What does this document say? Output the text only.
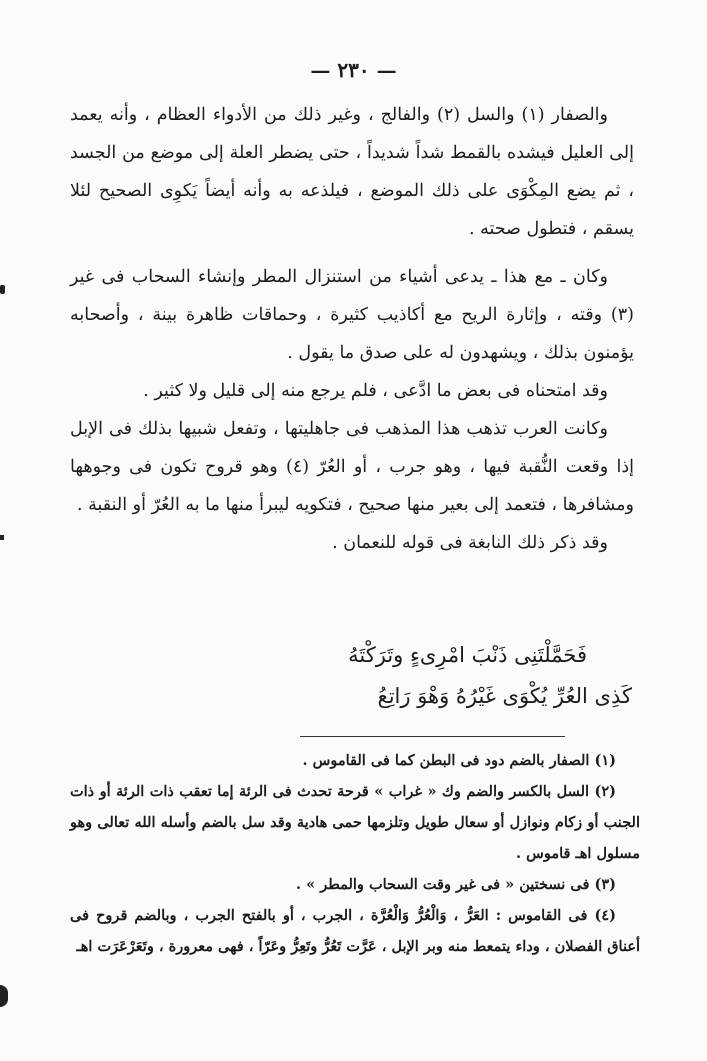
— ٢٣٠ —

والصفار (١) والسل (٢) والفالج ، وغير ذلك من الأدواء العظام ، وأنه يعمد إلى العليل فيشده بالقمط شداً شديداً ، حتى يضطر العلة إلى موضع من الجسد ، ثم يضع المِكْوَى على ذلك الموضع ، فيلذعه به وأنه أيضاً يَكوِى الصحيح لئلا يسقم ، فتطول صحته .

وكان ـ مع هذا ـ يدعى أشياء من استنزال المطر وإنشاء السحاب فى غير (٣) وقته ، وإثارة الريح مع أكاذيب كثيرة ، وحماقات ظاهرة بينة ، وأصحابه يؤمنون بذلك ، ويشهدون له على صدق ما يقول .

وقد امتحناه فى بعض ما ادَّعى ، فلم يرجع منه إلى قليل ولا كثير .

وكانت العرب تذهب هذا المذهب فى جاهليتها ، وتفعل شبيها بذلك فى الإبل إذا وقعت النُّقبة فيها ، وهو جرب ، أو العُرّ (٤) وهو قروح تكون فى وجوهها ومشافرها ، فتعمد إلى بعير منها صحيح ، فتكويه ليبرأ منها ما به العُرّ أو النقبة .

وقد ذكر ذلك النابغة فى قوله للنعمان .

فَحَمَّلْتَنِى ذَنْبَ امْرِىءٍ وتَرَكْتَهُ
كَذِى العُرِّ يُكْوَى غَيْرُهُ وَهْوَ رَاتِعُ

(١) الصفار بالضم دود فى البطن كما فى القاموس .

(٢) السل بالكسر والضم وك « غراب » قرحة تحدث فى الرئة إما تعقب ذات الرئة أو ذات الجنب أو زكام ونوازل أو سعال طويل وتلزمها حمى هادية وقد سل بالضم وأسله الله تعالى وهو مسلول اهـ قاموس .

(٣) فى نسختين « فى غير وقت السحاب والمطر » .

(٤) فى القاموس : العَرُّ ، وَالْعُرُّ وَالْعُرَّة ، الجرب ، أو بالفتح الجرب ، وبالضم قروح فى أعناق الفصلان ، وداء يتمعط منه وبر الإبل ، عَرَّت تَعُرُّ وتَعِرُّ وعَرّاً ، فهى معرورة ، وتَعَرْعَرَت اهـ
